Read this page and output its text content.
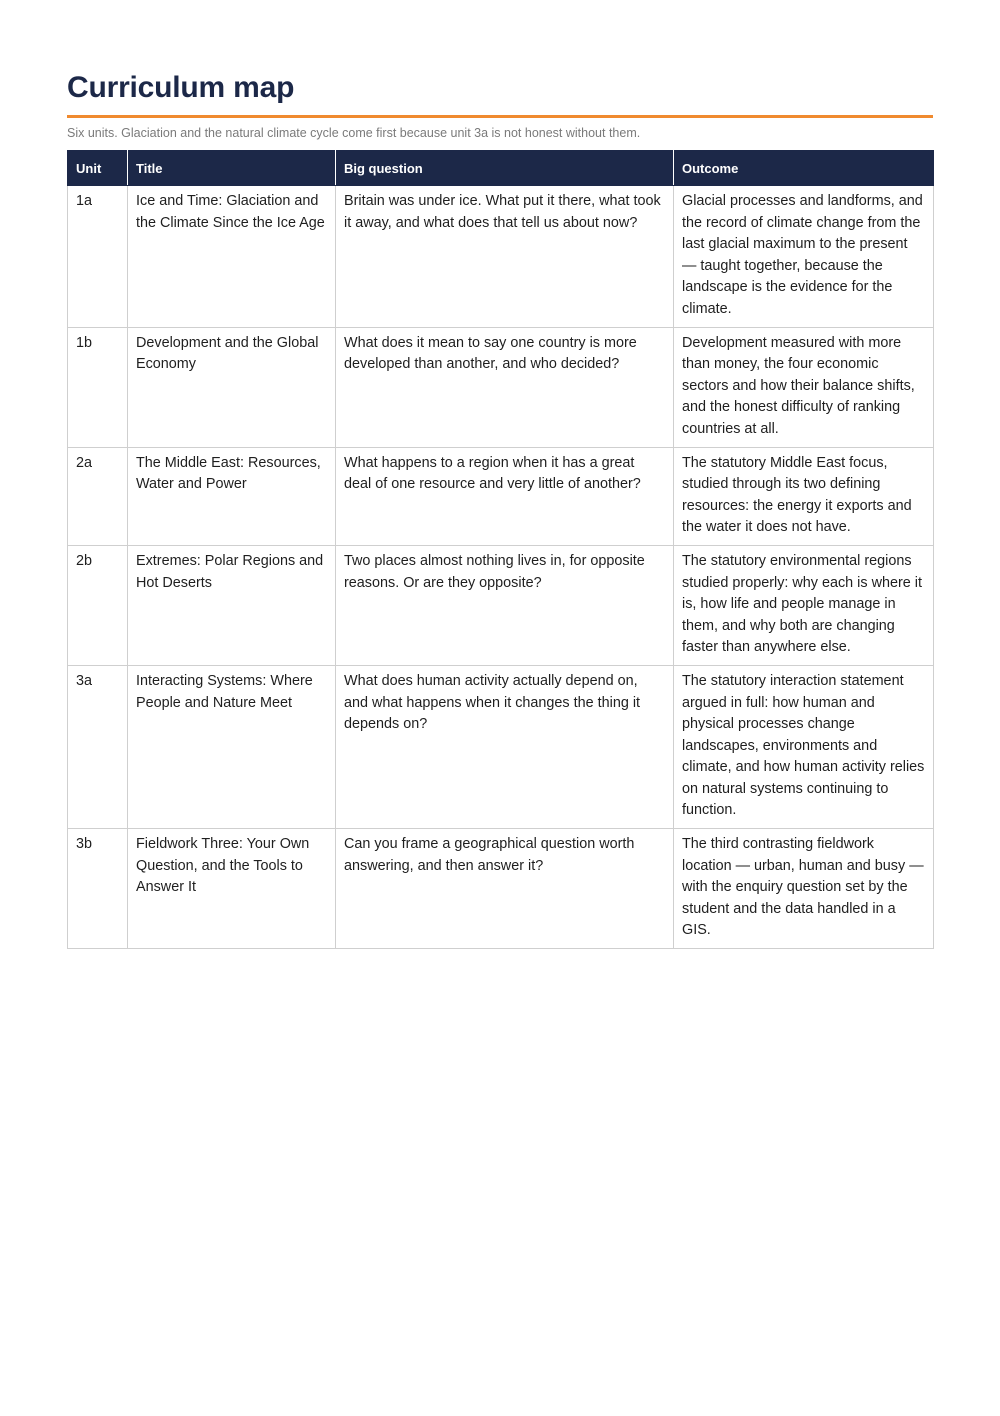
Curriculum map

Six units. Glaciation and the natural climate cycle come first because unit 3a is not honest without them.

Unit	Title	Big question	Outcome
1a	Ice and Time: Glaciation and the Climate Since the Ice Age	Britain was under ice. What put it there, what took it away, and what does that tell us about now?	Glacial processes and landforms, and the record of climate change from the last glacial maximum to the present — taught together, because the landscape is the evidence for the climate.
1b	Development and the Global Economy	What does it mean to say one country is more developed than another, and who decided?	Development measured with more than money, the four economic sectors and how their balance shifts, and the honest difficulty of ranking countries at all.
2a	The Middle East: Resources, Water and Power	What happens to a region when it has a great deal of one resource and very little of another?	The statutory Middle East focus, studied through its two defining resources: the energy it exports and the water it does not have.
2b	Extremes: Polar Regions and Hot Deserts	Two places almost nothing lives in, for opposite reasons. Or are they opposite?	The statutory environmental regions studied properly: why each is where it is, how life and people manage in them, and why both are changing faster than anywhere else.
3a	Interacting Systems: Where People and Nature Meet	What does human activity actually depend on, and what happens when it changes the thing it depends on?	The statutory interaction statement argued in full: how human and physical processes change landscapes, environments and climate, and how human activity relies on natural systems continuing to function.
3b	Fieldwork Three: Your Own Question, and the Tools to Answer It	Can you frame a geographical question worth answering, and then answer it?	The third contrasting fieldwork location — urban, human and busy — with the enquiry question set by the student and the data handled in a GIS.
